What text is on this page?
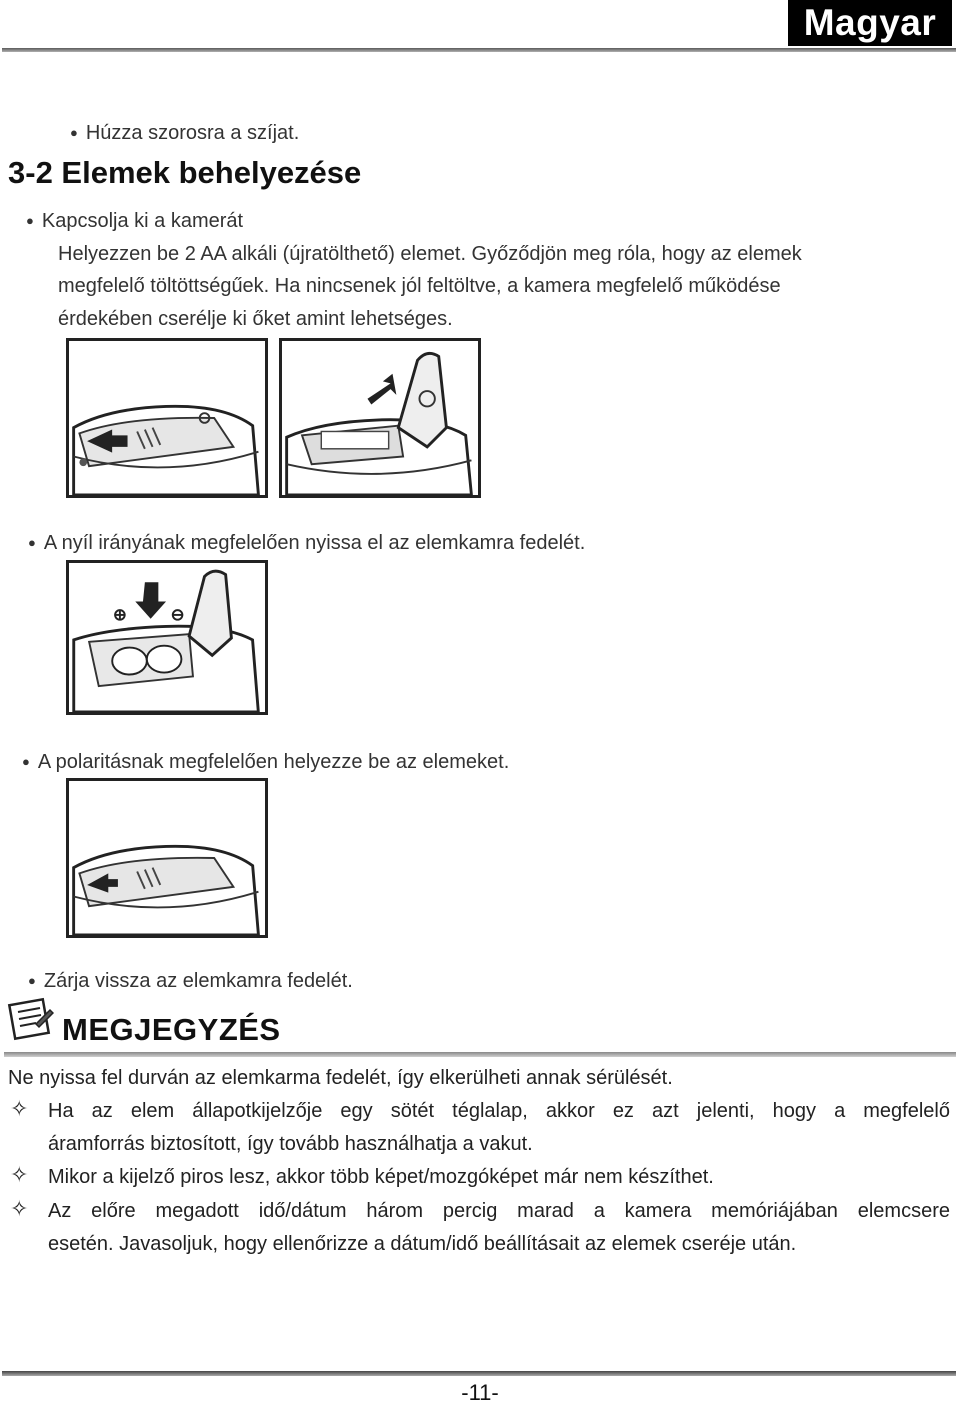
Magyar
● Húzza szorosra a szíjat.
3-2 Elemek behelyezése
● Kapcsolja ki a kamerát
Helyezzen be 2 AA alkáli (újratölthető) elemet. Győződjön meg róla, hogy az elemek
megfelelő töltöttségűek. Ha nincsenek jól feltöltve, a kamera megfelelő működése
érdekében cserélje ki őket amint lehetséges.
● A nyíl irányának megfelelően nyissa el az elemkamra fedelét.
● A polaritásnak megfelelően helyezze be az elemeket.
● Zárja vissza az elemkamra fedelét.
MEGJEGYZÉS
Ne nyissa fel durván az elemkarma fedelét, így elkerülheti annak sérülését.
✧ Ha az elem állapotkijelzője egy sötét téglalap, akkor ez azt jelenti, hogy a megfelelő
áramforrás biztosított, így tovább használhatja a vakut.
✧ Mikor a kijelző piros lesz, akkor több képet/mozgóképet már nem készíthet.
✧ Az előre megadott idő/dátum három percig marad a kamera memóriájában elemcsere
esetén. Javasoljuk, hogy ellenőrizze a dátum/idő beállításait az elemek cseréje után.
-11-
